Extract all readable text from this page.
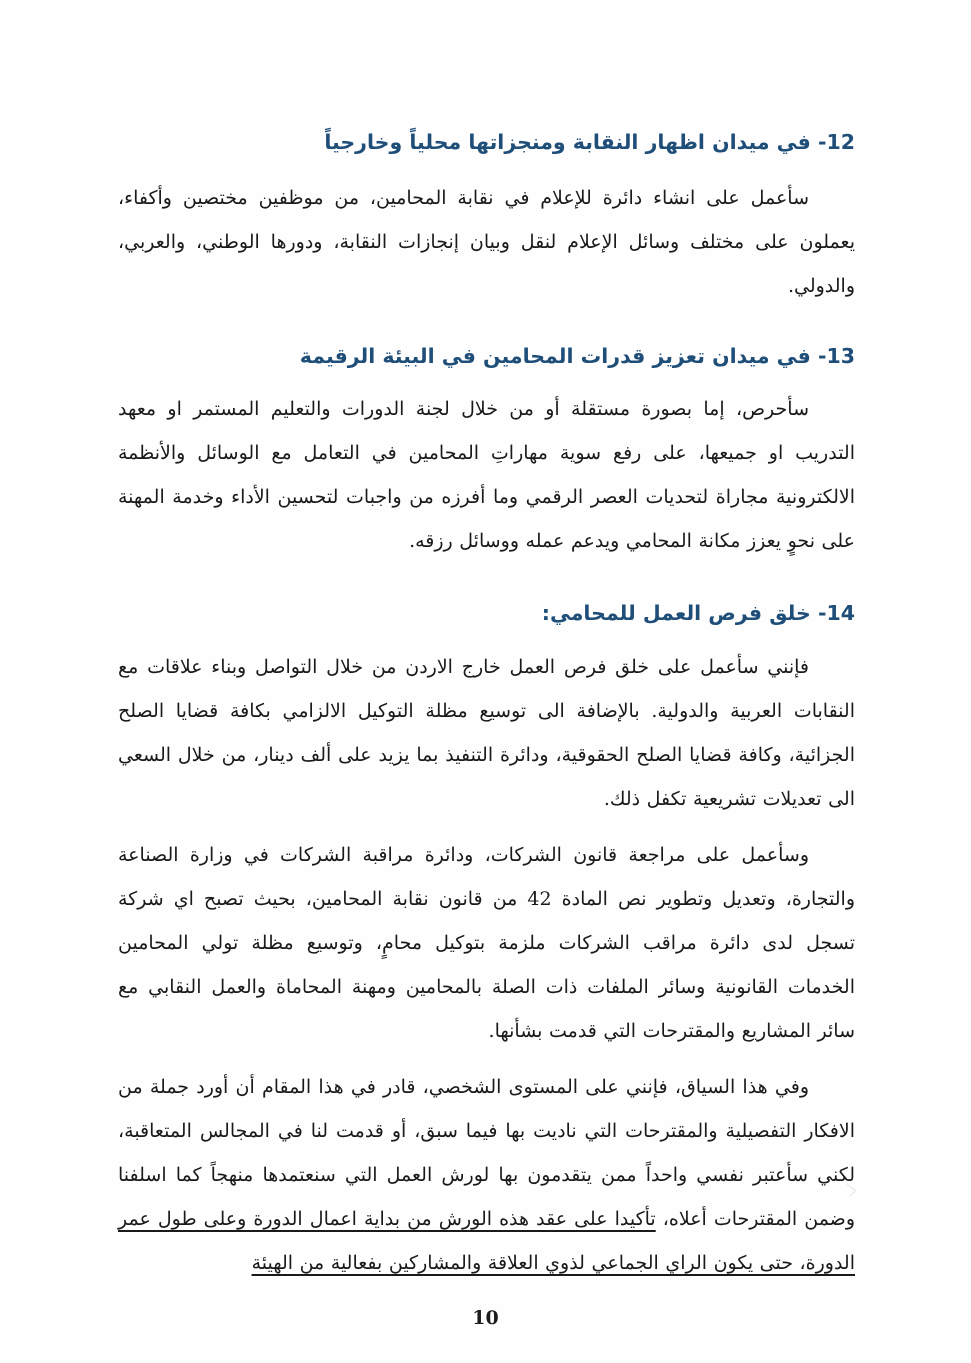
12- في ميدان اظهار النقابة ومنجزاتها محلياً وخارجياً

سأعمل على انشاء دائرة للإعلام في نقابة المحامين، من موظفين مختصين وأكفاء، يعملون على مختلف وسائل الإعلام لنقل وبيان إنجازات النقابة، ودورها الوطني، والعربي، والدولي.

13- في ميدان تعزيز قدرات المحامين في البيئة الرقيمة

سأحرص، إما بصورة مستقلة أو من خلال لجنة الدورات والتعليم المستمر او معهد التدريب او جميعها، على رفع سوية مهاراتِ المحامين في التعامل مع الوسائل والأنظمة الالكترونية مجاراة لتحديات العصر الرقمي وما أفرزه من واجبات لتحسين الأداء وخدمة المهنة على نحوٍ يعزز مكانة المحامي ويدعم عمله ووسائل رزقه.

14- خلق فرص العمل للمحامي:

فإنني سأعمل على خلق فرص العمل خارج الاردن من خلال التواصل وبناء علاقات مع النقابات العربية والدولية. بالإضافة الى توسيع مظلة التوكيل الالزامي بكافة قضايا الصلح الجزائية، وكافة قضايا الصلح الحقوقية، ودائرة التنفيذ بما يزيد على ألف دينار، من خلال السعي الى تعديلات تشريعية تكفل ذلك.

وسأعمل على مراجعة قانون الشركات، ودائرة مراقبة الشركات في وزارة الصناعة والتجارة، وتعديل وتطوير نص المادة 42 من قانون نقابة المحامين، بحيث تصبح اي شركة تسجل لدى دائرة مراقب الشركات ملزمة بتوكيل محامٍ، وتوسيع مظلة تولي المحامين الخدمات القانونية وسائر الملفات ذات الصلة بالمحامين ومهنة المحاماة والعمل النقابي مع سائر المشاريع والمقترحات التي قدمت بشأنها.

وفي هذا السياق، فإنني على المستوى الشخصي، قادر في هذا المقام أن أورد جملة من الافكار التفصيلية والمقترحات التي ناديت بها فيما سبق، أو قدمت لنا في المجالس المتعاقبة، لكني سأعتبر نفسي واحداً ممن يتقدمون بها لورش العمل التي سنعتمدها منهجاً كما اسلفنا وضمن المقترحات أعلاه، تأكيدا على عقد هذه الورش من بداية اعمال الدورة وعلى طول عمر الدورة، حتى يكون الراي الجماعي لذوي العلاقة والمشاركين بفعالية من الهيئة

10
